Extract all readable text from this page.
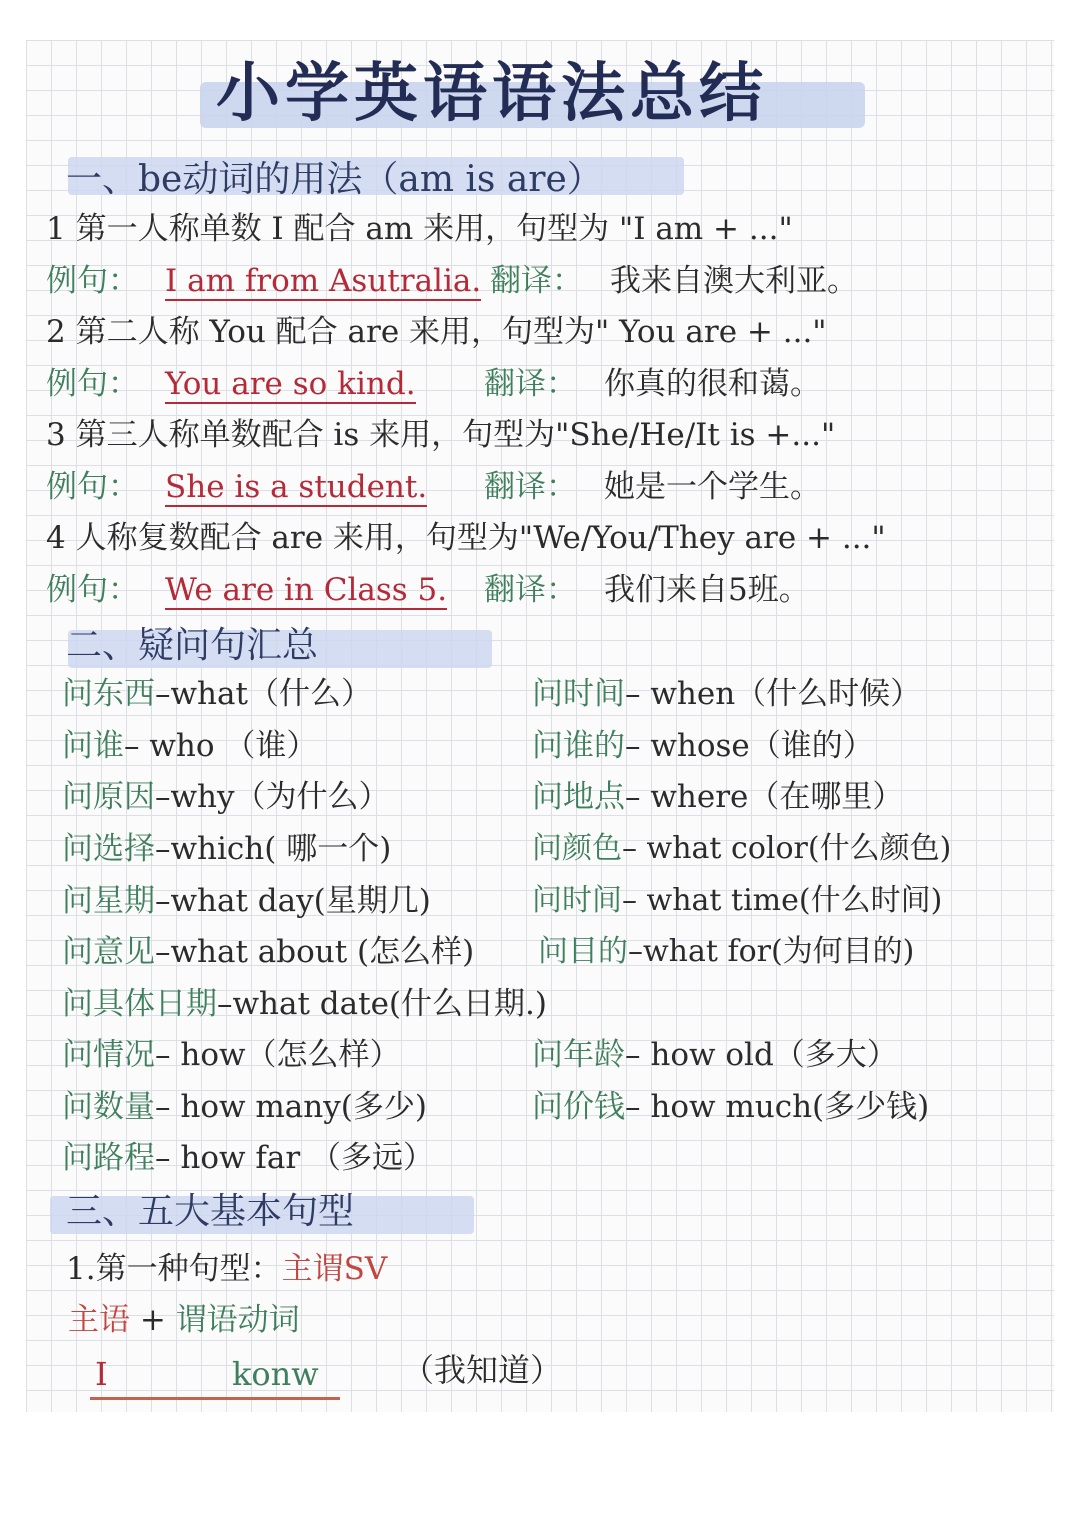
小学英语语法总结
一、be动词的用法（am is are）
1 第一人称单数 I 配合 am 来用，句型为 "I am + ..."
例句： I am from Asutralia. 翻译： 我来自澳大利亚。
2 第二人称 You 配合 are 来用，句型为" You are + ..."
例句： You are so kind. 翻译： 你真的很和蔼。
3 第三人称单数配合 is 来用，句型为"She/He/It is +..."
例句： She is a student. 翻译： 她是一个学生。
4 人称复数配合 are 来用，句型为"We/You/They are + ..."
例句： We are in Class 5. 翻译： 我们来自5班。
二、疑问句汇总
问东西–what（什么）
问谁– who （谁）
问原因–why（为什么）
问选择–which( 哪一个)
问星期–what day(星期几)
问意见–what about (怎么样)
问具体日期–what date(什么日期.)
问情况– how（怎么样）
问数量– how many(多少)
问路程– how far （多远）
问时间– when（什么时候）
问谁的– whose（谁的）
问地点– where（在哪里）
问颜色– what color(什么颜色)
问时间– what time(什么时间)
问目的–what for(为何目的)
问年龄– how old（多大）
问价钱– how much(多少钱)
三、五大基本句型
1.第一种句型：主谓SV
主语 + 谓语动词
I	konw	（我知道）
